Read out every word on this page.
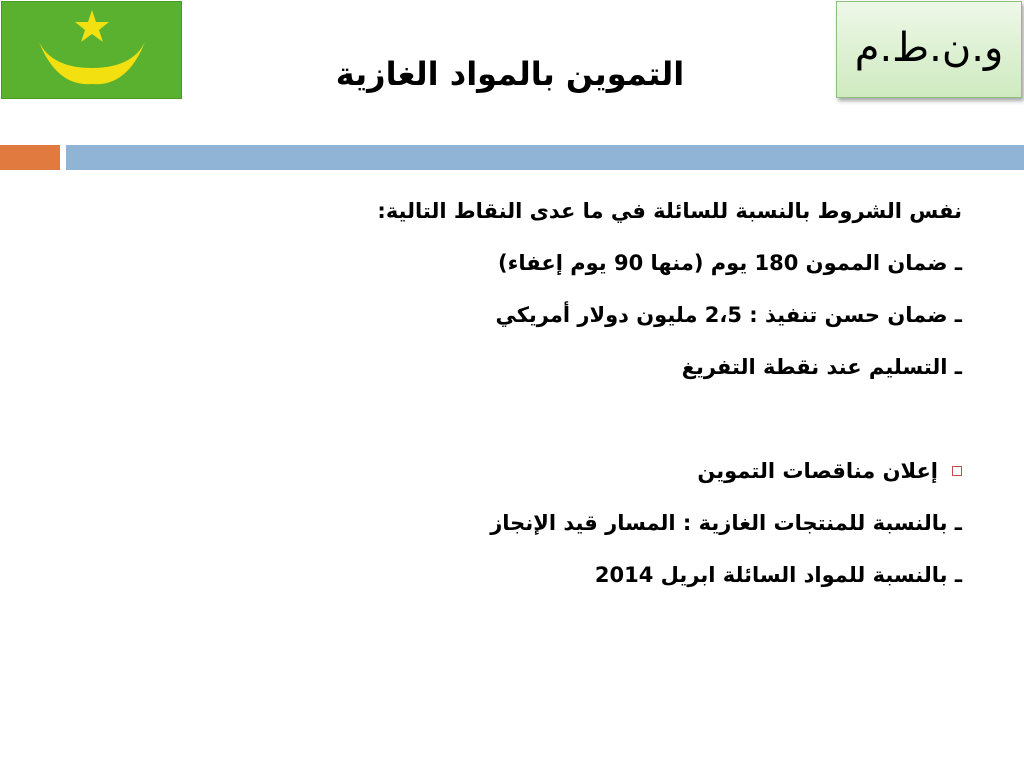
التموين بالمواد الغازية
و.ن.ط.م
نفس الشروط بالنسبة للسائلة في ما عدى النقاط التالية:
ـ ضمان الممون 180 يوم (منها 90 يوم إعفاء)
ـ ضمان حسن تنفيذ : 2،5 مليون دولار أمريكي
ـ التسليم عند نقطة التفريغ
إعلان مناقصات التموين
ـ بالنسبة للمنتجات الغازية : المسار قيد الإنجاز
ـ بالنسبة للمواد السائلة ابريل 2014
